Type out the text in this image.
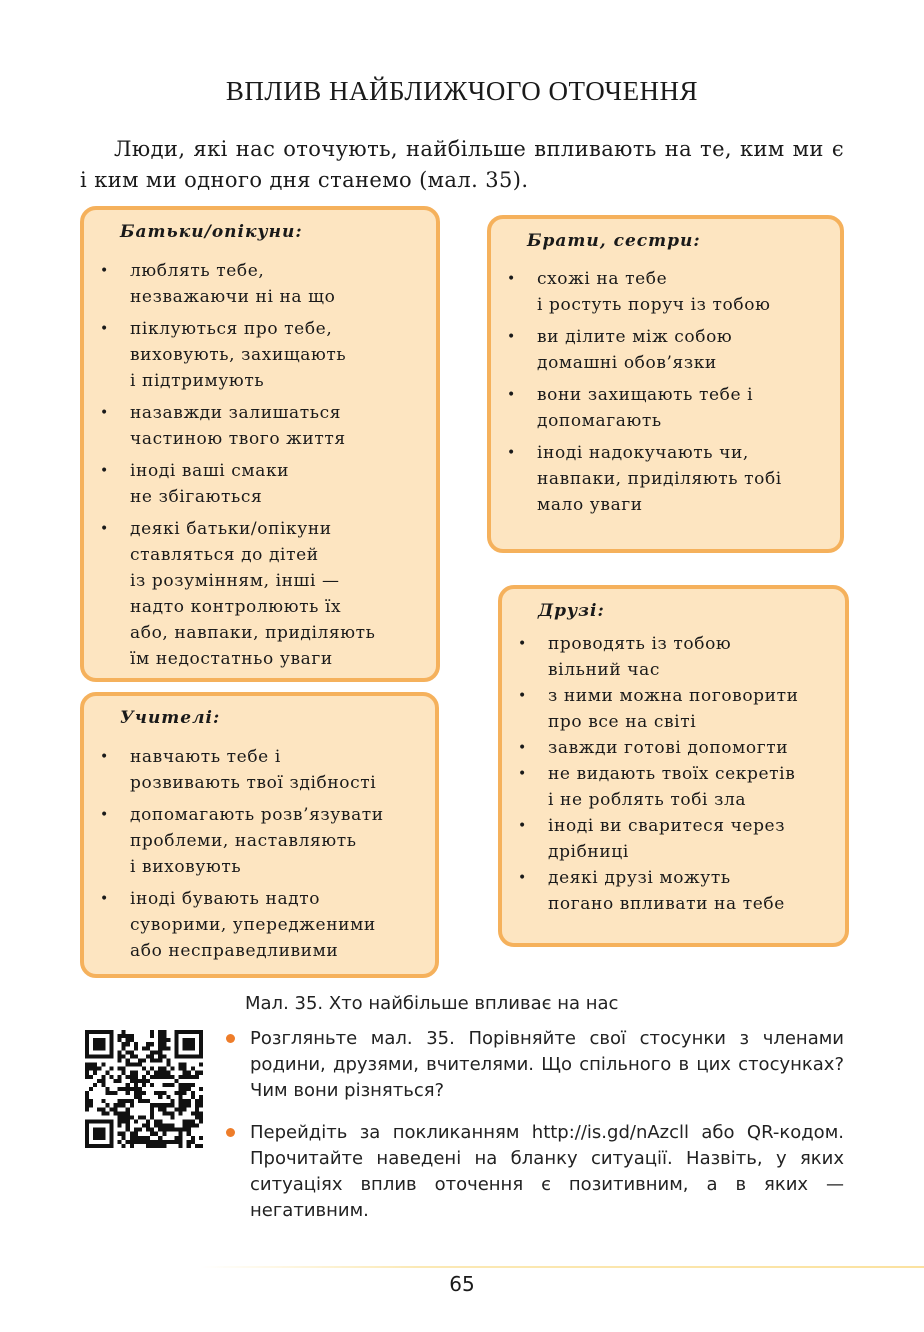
ВПЛИВ НАЙБЛИЖЧОГО ОТОЧЕННЯ
Люди, які нас оточують, найбільше впливають на те, ким ми є і ким ми одного дня станемо (мал. 35).
Батьки/опікуни:
• люблять тебе,
незважаючи ні на що
• піклуються про тебе,
виховують, захищають
і підтримують
• назавжди залишаться
частиною твого життя
• іноді ваші смаки
не збігаються
• деякі батьки/опікуни
ставляться до дітей
із розумінням, інші —
надто контролюють їх
або, навпаки, приділяють
їм недостатньо уваги
Брати, сестри:
• схожі на тебе
і ростуть поруч із тобою
• ви ділите між собою
домашні обов’язки
• вони захищають тебе і
допомагають
• іноді надокучають чи,
навпаки, приділяють тобі
мало уваги
Друзі:
• проводять із тобою
вільний час
• з ними можна поговорити
про все на світі
• завжди готові допомогти
• не видають твоїх секретів
і не роблять тобі зла
• іноді ви сваритеся через
дрібниці
• деякі друзі можуть
погано впливати на тебе
Учителі:
• навчають тебе і
розвивають твої здібності
• допомагають розв’язувати
проблеми, наставляють
і виховують
• іноді бувають надто
суворими, упередженими
або несправедливими
Мал. 35. Хто найбільше впливає на нас
Розгляньте мал. 35. Порівняйте свої стосунки з членами родини, друзями, вчителями. Що спільного в цих стосунках? Чим вони різняться?
Перейдіть за покликанням http://is.gd/nAzcll або QR-кодом. Прочитайте наведені на бланку ситуації. Назвіть, у яких ситуаціях вплив оточення є позитивним, а в яких — негативним.
65
